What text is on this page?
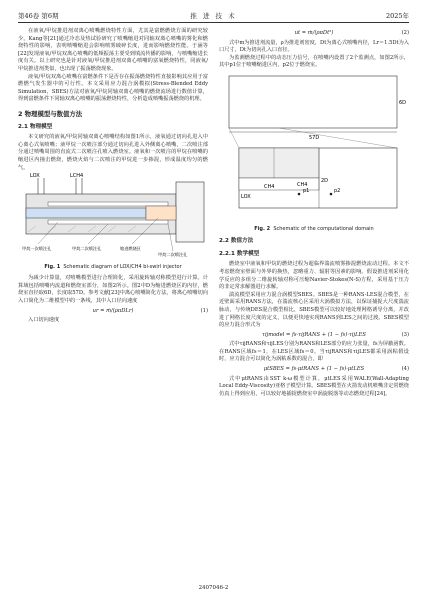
第46卷 第6期	推 进 技 术	2025年

在液氧/甲烷推进剂双离心喷嘴燃烧特性方面，尤其是富燃燃烧方面的研究较少。Kang等[21]通过冷态及热试验研究了喷嘴缩进对同轴双离心喷嘴的雾化和燃烧特性的影响，表明喷嘴缩进会影响喷雾破碎长度，进而影响燃烧性能。于涵等[22]发现液氧/甲烷双离心喷嘴的低频振荡主要受到填流传播的影响，与喷嘴缩进长度有关。以上研究也是针对液氧/甲烷推进剂双离心喷嘴的富氧燃烧特性，同液氧/甲烷推进剂类似，也出现了振荡燃烧现象。

液氧/甲烷双离心喷嘴在富燃条件下是否存在振荡燃烧特性直接影响其应用于富燃燃气发生器中的可行性。本文采用应力混合涡模拟(Stress-Blended Eddy Simulation，SBES)方法对液氧/甲烷同轴双离心喷嘴的燃烧流场进行数值计算，得到富燃条件下同轴双离心喷嘴的振荡燃烧特性，分析造成喷嘴振荡燃烧的机理。

2 物理模型与数值方法
2.1 物理模型

本文研究的液氧/甲烷同轴双离心喷嘴结构如图1所示，液氧通过切向孔进入中心离心式氧喷嘴；液甲烷一次喷注部分通过切向孔进入外侧离心喷嘴，二次喷注部分通过喷嘴周围的直流式二次喷注孔喷入燃烧室。液氧和一次喷注的甲烷在喷嘴的缩进区内撞击燃烧，燃烧火焰与二次喷注的甲烷进一步掺混，形成温度均匀的燃气。

LOX	LCH4
甲烷一次喷注孔	甲烷二次喷注孔	缩进燃烧区
甲烷二次喷注孔
Fig. 1 Schematic diagram of LOX/CH4 bi-swirl injector

为减少计算量，对喷嘴模型进行合理简化，采用旋转轴对称模型进行计算。计算域包括喷嘴内流道和燃烧室部分，如图2所示。图2中D为缩进燃烧区的内径，燃烧室直径取6D，长度取57D。参考文献[23]中离心喷嘴简化方法，将离心喷嘴切向入口简化为二维模型中的一条线，其中入口径向速度

ur = ṁ/(ρπDLr)	(1)

入口切向速度

ut = ṁ/(ρπDt²)	(2)

式中m为推进剂流量，ρ为推进剂密度，Dt为离心式喷嘴内径，Lr＝1.5Dt为入口尺寸，Dt为切向孔入口直径。

为监测燃烧过程中的动态压力信号，在喷嘴内设置了2个监测点，如图2所示，其中p1位于喷嘴缩进区内，p2位于燃烧室。

57D
6D
LOX
CH4	CH4
p1	p2
2D
Fig. 2 Schematic of the computational domain
2.2 数值方法
2.2.1 数学模型

燃烧室中液氧和甲烷的燃烧过程为超临界湍流喷雾掺混燃烧流动过程。本文不考虑燃烧室壁面与外界的换热，忽略重力、辐射等因素的影响。假设推进剂采用化学反应的多组分二维旋转轴对称可压缩Navier-Stokes(N-S)方程，采用基于压力的非定常求解器进行求解。

湍流模型采用应力混合涡模型SBES。SBES是一种RANS-LES混合模型，在近壁面采用RANS方法，在湍流核心区采用大涡模拟方法，以保证捕捉大尺度湍流脉动，与传统DES混合模型相比，SBES模型可以较好地处理网格诱导分离，并改进了网格长度尺度的定义，以便更快地实现RANS到LES之间的过渡。SBES模型的应力混合形式为

τijmodel = fs·τijRANS + (1 − fs)·τijLES	(3)

式中τijRANS和τijLES分别为RANS和LES部分的应力张量，fs为屏蔽函数。在RANS区域fs＝1，在LES区域fs＝0。当τijRANS和τijLES都采用涡粘假设时，应力混合可以简化为涡粘系数的混合，即

μtSBES = fs·μtRANS + (1 − fs)·μtLES	(4)

式中μtRANS由SST k-ω模型计算，μtLES采用WALE(Wall-Adapting Local Eddy-Viscosity)亚格子模型计算。SBES模型在火箭发动机喷嘴非定常燃烧仿真上得到应用，可以较好地捕捉燃烧室中涡旋脱落等动态燃烧过程[24]。

2407046-2
